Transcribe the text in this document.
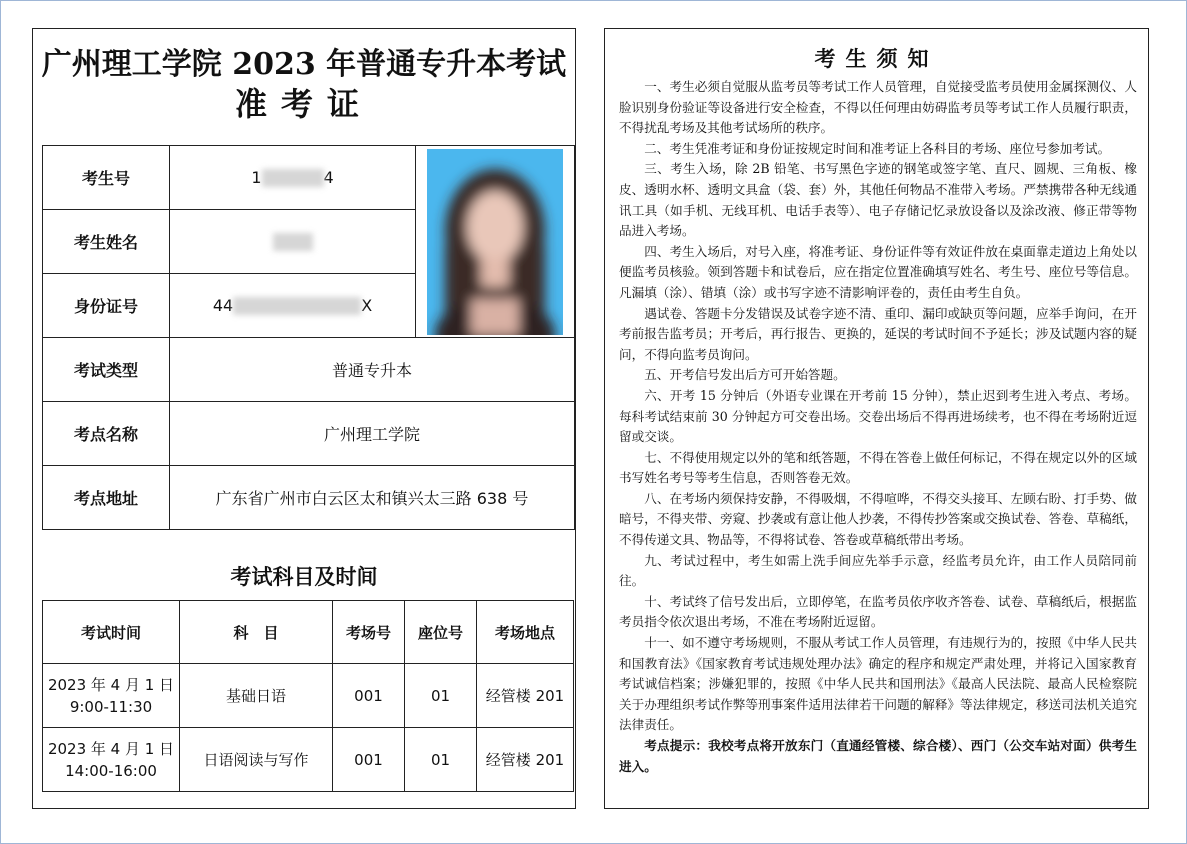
广州理工学院 2023 年普通专升本考试
准考证
考生号	1 4	

考生姓名		
身份证号	44 X	
考试类型	普通专升本	
考点名称	广州理工学院	
考点地址	广东省广州市白云区太和镇兴太三路 638 号	
考试科目及时间
考试时间	科　目	考场号	座位号	考场地点

2023 年 4 月 1 日
9:00-11:30	基础日语	001	01	经管楼 201

2023 年 4 月 1 日
14:00-16:00	日语阅读与写作	001	01	经管楼 201
考生须知

一、考生必须自觉服从监考员等考试工作人员管理，自觉接受监考员使用金属探测仪、人脸识别身份验证等设备进行安全检查，不得以任何理由妨碍监考员等考试工作人员履行职责，不得扰乱考场及其他考试场所的秩序。

二、考生凭准考证和身份证按规定时间和准考证上各科目的考场、座位号参加考试。

三、考生入场，除 2B 铅笔、书写黑色字迹的钢笔或签字笔、直尺、圆规、三角板、橡皮、透明水杯、透明文具盒（袋、套）外，其他任何物品不准带入考场。严禁携带各种无线通讯工具（如手机、无线耳机、电话手表等）、电子存储记忆录放设备以及涂改液、修正带等物品进入考场。

四、考生入场后，对号入座，将准考证、身份证件等有效证件放在桌面靠走道边上角处以便监考员核验。领到答题卡和试卷后，应在指定位置准确填写姓名、考生号、座位号等信息。凡漏填（涂）、错填（涂）或书写字迹不清影响评卷的，责任由考生自负。

遇试卷、答题卡分发错误及试卷字迹不清、重印、漏印或缺页等问题，应举手询问，在开考前报告监考员；开考后，再行报告、更换的，延误的考试时间不予延长；涉及试题内容的疑问，不得向监考员询问。

五、开考信号发出后方可开始答题。

六、开考 15 分钟后（外语专业课在开考前 15 分钟），禁止迟到考生进入考点、考场。每科考试结束前 30 分钟起方可交卷出场。交卷出场后不得再进场续考，也不得在考场附近逗留或交谈。

七、不得使用规定以外的笔和纸答题，不得在答卷上做任何标记，不得在规定以外的区域书写姓名考号等考生信息，否则答卷无效。

八、在考场内须保持安静，不得吸烟，不得喧哗，不得交头接耳、左顾右盼、打手势、做暗号，不得夹带、旁窥、抄袭或有意让他人抄袭，不得传抄答案或交换试卷、答卷、草稿纸，不得传递文具、物品等，不得将试卷、答卷或草稿纸带出考场。

九、考试过程中，考生如需上洗手间应先举手示意，经监考员允许，由工作人员陪同前往。

十、考试终了信号发出后，立即停笔，在监考员依序收齐答卷、试卷、草稿纸后，根据监考员指令依次退出考场，不准在考场附近逗留。

十一、如不遵守考场规则，不服从考试工作人员管理，有违规行为的，按照《中华人民共和国教育法》《国家教育考试违规处理办法》确定的程序和规定严肃处理，并将记入国家教育考试诚信档案；涉嫌犯罪的，按照《中华人民共和国刑法》《最高人民法院、最高人民检察院关于办理组织考试作弊等刑事案件适用法律若干问题的解释》等法律规定，移送司法机关追究法律责任。

考点提示：我校考点将开放东门（直通经管楼、综合楼）、西门（公交车站对面）供考生进入。
